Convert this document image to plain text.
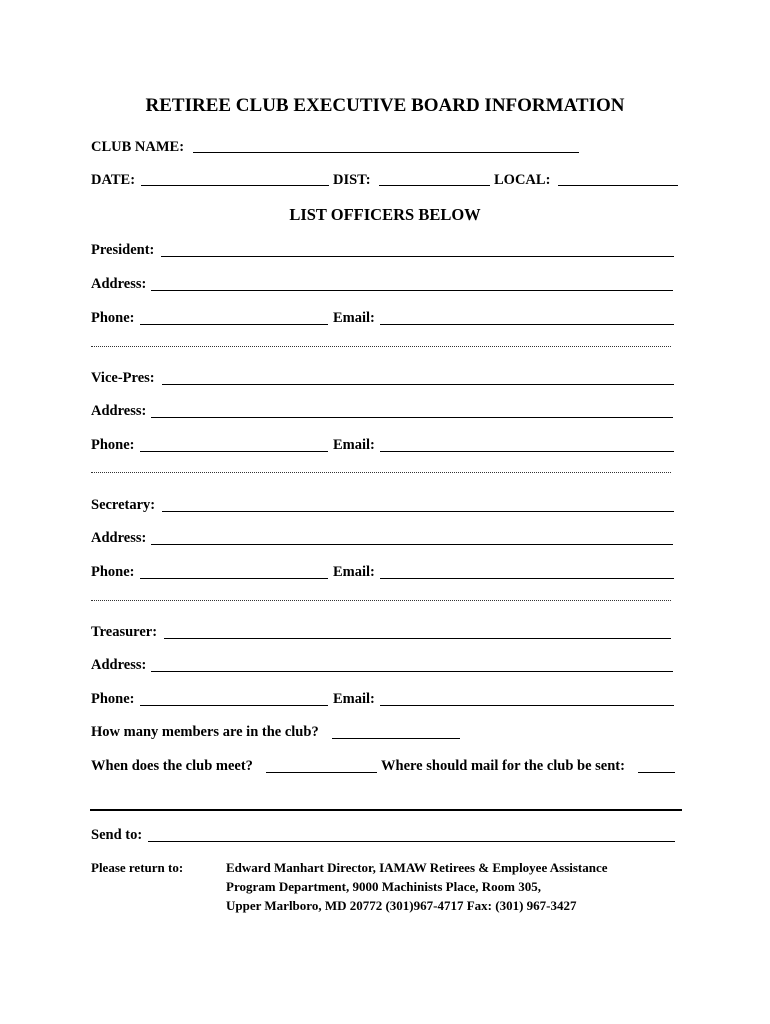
RETIREE CLUB EXECUTIVE BOARD INFORMATION
CLUB NAME:
DATE:	DIST:	LOCAL:
LIST OFFICERS BELOW
President:
Address:
Phone:	Email:
Vice-Pres:
Address:
Phone:	Email:
Secretary:
Address:
Phone:	Email:
Treasurer:
Address:
Phone:	Email:
How many members are in the club?
When does the club meet?	Where should mail for the club be sent:
Send to:
Please return to:	Edward Manhart Director, IAMAW Retirees & Employee Assistance
Program Department, 9000 Machinists Place, Room 305,
Upper Marlboro, MD 20772 (301)967-4717 Fax: (301) 967-3427
